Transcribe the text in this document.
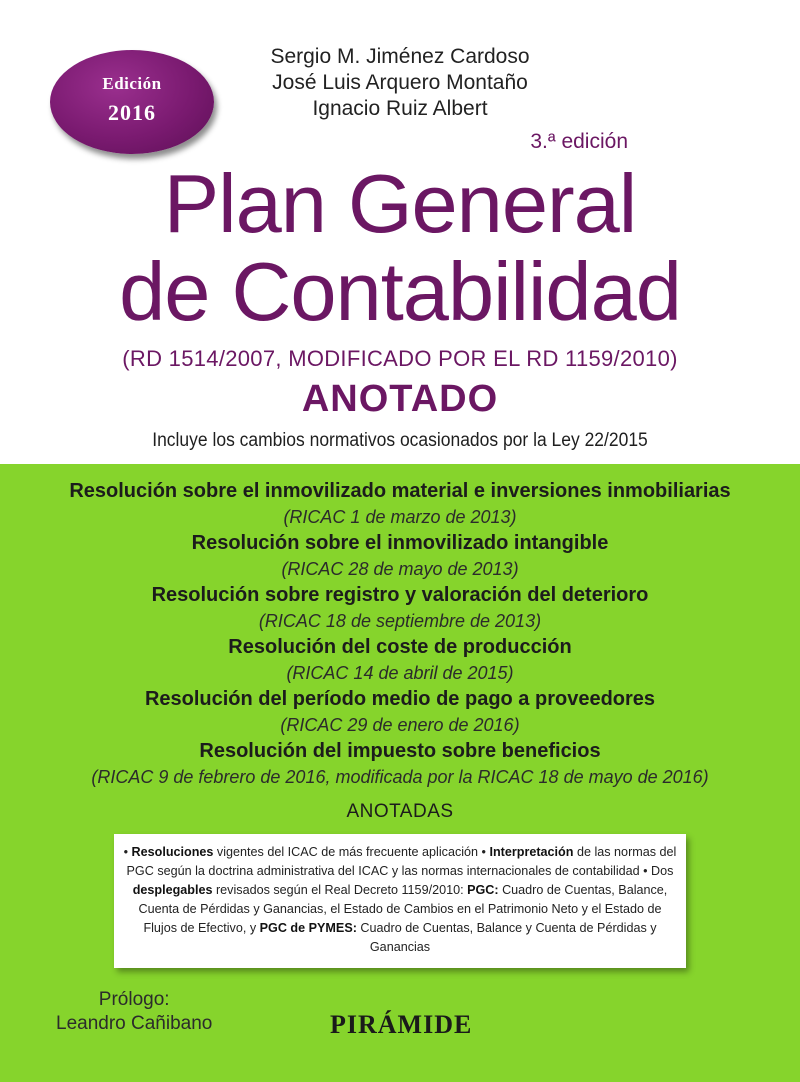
Edición
2016
Sergio M. Jiménez Cardoso
José Luis Arquero Montaño
Ignacio Ruiz Albert
3.ª edición
Plan General
de Contabilidad
(RD 1514/2007, MODIFICADO POR EL RD 1159/2010)
ANOTADO
Incluye los cambios normativos ocasionados por la Ley 22/2015
Resolución sobre el inmovilizado material e inversiones inmobiliarias
(RICAC 1 de marzo de 2013)
Resolución sobre el inmovilizado intangible
(RICAC 28 de mayo de 2013)
Resolución sobre registro y valoración del deterioro
(RICAC 18 de septiembre de 2013)
Resolución del coste de producción
(RICAC 14 de abril de 2015)
Resolución del período medio de pago a proveedores
(RICAC 29 de enero de 2016)
Resolución del impuesto sobre beneficios
(RICAC 9 de febrero de 2016, modificada por la RICAC 18 de mayo de 2016)
ANOTADAS
• Resoluciones vigentes del ICAC de más frecuente aplicación • Interpretación de las normas del PGC según la doctrina administrativa del ICAC y las normas internacionales de contabilidad • Dos desplegables revisados según el Real Decreto 1159/2010: PGC: Cuadro de Cuentas, Balance, Cuenta de Pérdidas y Ganancias, el Estado de Cambios en el Patrimonio Neto y el Estado de Flujos de Efectivo, y PGC de PYMES: Cuadro de Cuentas, Balance y Cuenta de Pérdidas y Ganancias
Prólogo:
Leandro Cañibano	PIRÁMIDE
